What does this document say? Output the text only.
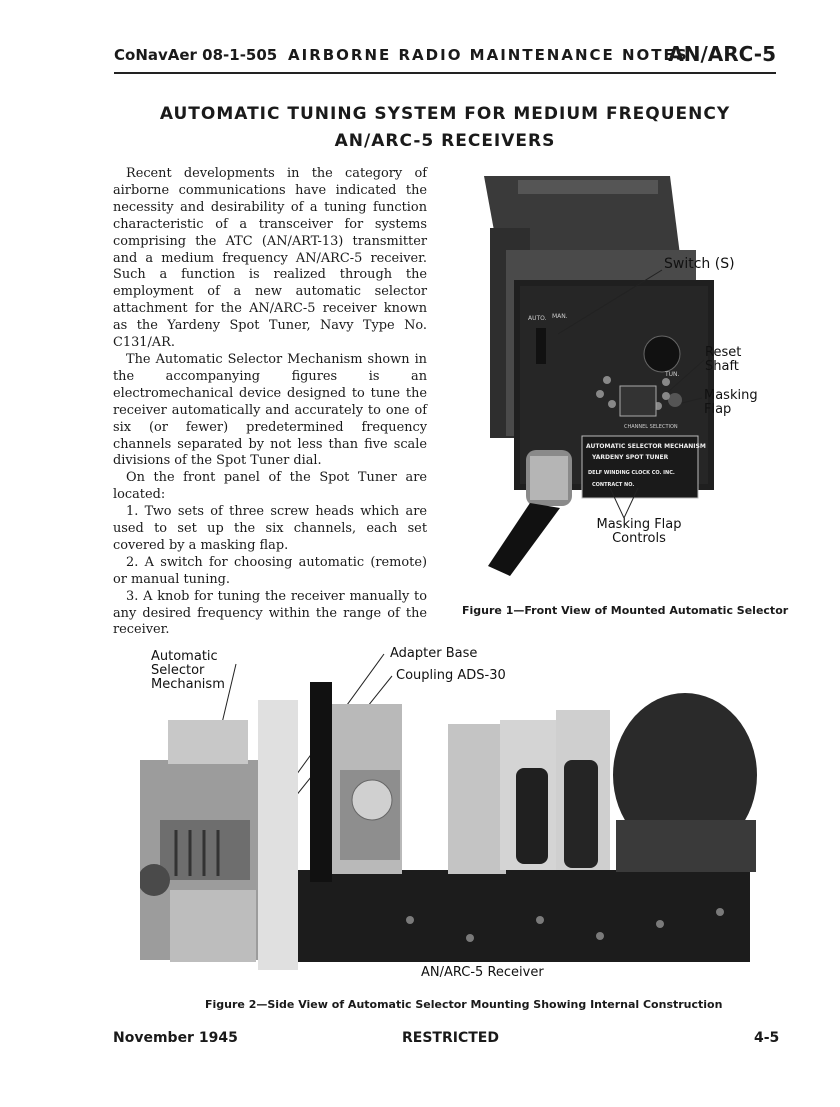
CoNavAer 08-1-505 AIRBORNE RADIO MAINTENANCE NOTES
AN/ARC-5
AUTOMATIC TUNING SYSTEM FOR MEDIUM FREQUENCY
AN/ARC-5 RECEIVERS

Recent developments in the category of airborne communications have indicated the necessity and desirability of a tuning function characteristic of a transceiver for systems comprising the ATC (AN/ART-13) transmitter and a medium frequency AN/ARC-5 receiver. Such a function is realized through the employment of a new automatic selector attachment for the AN/ARC-5 receiver known as the Yardeny Spot Tuner, Navy Type No. C131/AR.

The Automatic Selector Mechanism shown in the accompanying figures is an electromechanical device designed to tune the receiver automatically and accurately to one of six (or fewer) predetermined frequency channels separated by not less than five scale divisions of the Spot Tuner dial.

On the front panel of the Spot Tuner are located:

1. Two sets of three screw heads which are used to set up the six channels, each set covered by a masking flap.

2. A switch for choosing automatic (remote) or manual tuning.

3. A knob for tuning the receiver manually to any desired frequency within the range of the receiver.

AUTO. MAN.
TUN.
CHANNEL SELECTION
AUTOMATIC SELECTOR MECHANISM
YARDENY SPOT TUNER
DELF WINDING CLOCK CO. INC.
CONTRACT NO.
Switch (S)
Reset Shaft
Masking Flap
Masking Flap Controls
Figure 1—Front View of Mounted Automatic Selector
Automatic Selector Mechanism
Adapter Base
Coupling ADS-30
AN/ARC-5 Receiver
Figure 2—Side View of Automatic Selector Mounting Showing Internal Construction
November 1945	RESTRICTED	4-5
